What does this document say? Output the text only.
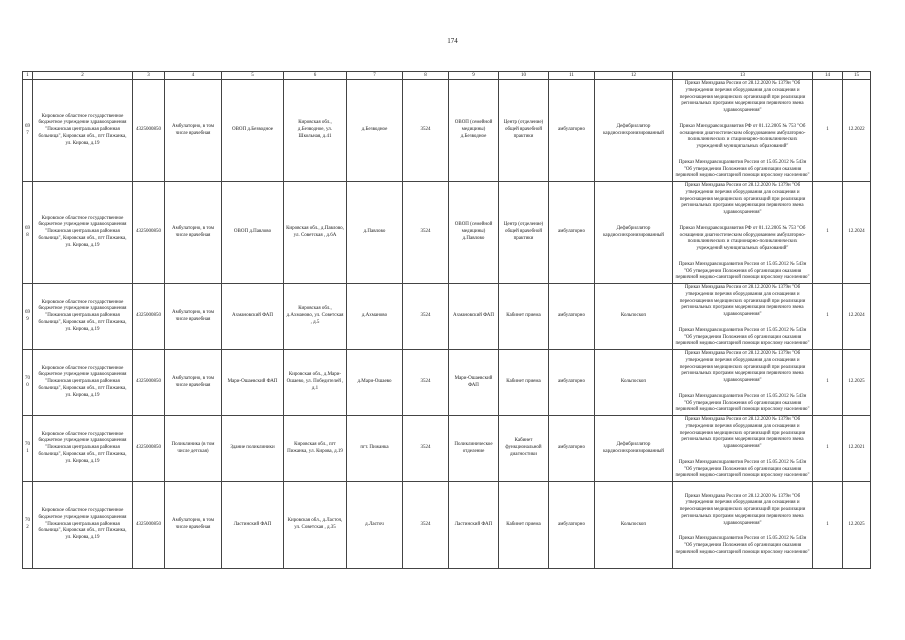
174
1	2	3	4	5	6	7	8	9	10	11	12	13	14	15
697	Кировское областное государственное бюджетное учреждение здравоохранения "Пижанская центральная районная больница", Кировская обл., пгт Пижанка, ул. Кирова, д.19	4325000850	Амбулаторно, в том числе врачебная	ОВОП д.Безводное	Кировская обл., д.Безводное, ул. Школьная, д.41	д.Безводное	3524	ОВОП (семейной медицины) д.Безводное	Центр (отделение) общей врачебной практики	амбулаторно	Дефибриллятор кардиосинхронизированный	Приказ Минздрава России от 28.12.2020 № 1379н "Об утверждении перечня оборудования для оснащения и переоснащения медицинских организаций при реализации региональных программ модернизации первичного звена здравоохранения"
Приказ Минздравсоцразвития РФ от 01.12.2005 № 753 "Об оснащении диагностическим оборудованием амбулаторно-поликлинических и стационарно-поликлинических учреждений муниципальных образований"
Приказ Минздравсоцразвития России от 15.05.2012 № 543н "Об утверждении Положения об организации оказания первичной медико-санитарной помощи взрослому населению"	1	12.2022
698	Кировское областное государственное бюджетное учреждение здравоохранения "Пижанская центральная районная больница", Кировская обл., пгт Пижанка, ул. Кирова, д.19	4325000850	Амбулаторно, в том числе врачебная	ОВОП д.Павлово	Кировская обл., д.Павлово, ул. Советская , д.6А	д.Павлово	3524	ОВОП (семейной медицины) д.Павлово	Центр (отделение) общей врачебной практики	амбулаторно	Дефибриллятор кардиосинхронизированный	Приказ Минздрава России от 28.12.2020 № 1379н "Об утверждении перечня оборудования для оснащения и переоснащения медицинских организаций при реализации региональных программ модернизации первичного звена здравоохранения"
Приказ Минздравсоцразвития РФ от 01.12.2005 № 753 "Об оснащении диагностическим оборудованием амбулаторно-поликлинических и стационарно-поликлинических учреждений муниципальных образований"
Приказ Минздравсоцразвития России от 15.05.2012 № 543н "Об утверждении Положения об организации оказания первичной медико-санитарной помощи взрослому населению"	1	12.2024
699	Кировское областное государственное бюджетное учреждение здравоохранения "Пижанская центральная районная больница", Кировская обл., пгт Пижанка, ул. Кирова, д.19	4325000850	Амбулаторно, в том числе врачебная	Ахмановский ФАП	Кировская обл., д.Ахманово, ул. Советская , д.5	д.Ахманово	3524	Ахмановский ФАП	Кабинет приема	амбулаторно	Кольпоскоп	Приказ Минздрава России от 28.12.2020 № 1379н "Об утверждении перечня оборудования для оснащения и переоснащения медицинских организаций при реализации региональных программ модернизации первичного звена здравоохранения"
Приказ Минздравсоцразвития России от 15.05.2012 № 543н "Об утверждении Положения об организации оказания первичной медико-санитарной помощи взрослому населению"	1	12.2024
700	Кировское областное государственное бюджетное учреждение здравоохранения "Пижанская центральная районная больница", Кировская обл., пгт Пижанка, ул. Кирова, д.19	4325000850	Амбулаторно, в том числе врачебная	Мари-Ошаевский ФАП	Кировская обл., д.Мари-Ошаево, ул. Победителей , д.1	д.Мари-Ошаево	3524	Мари-Ошаевский ФАП	Кабинет приема	амбулаторно	Кольпоскоп	Приказ Минздрава России от 28.12.2020 № 1379н "Об утверждении перечня оборудования для оснащения и переоснащения медицинских организаций при реализации региональных программ модернизации первичного звена здравоохранения"
Приказ Минздравсоцразвития России от 15.05.2012 № 543н "Об утверждении Положения об организации оказания первичной медико-санитарной помощи взрослому населению"	1	12.2025
701	Кировское областное государственное бюджетное учреждение здравоохранения "Пижанская центральная районная больница", Кировская обл., пгт Пижанка, ул. Кирова, д.19	4325000850	Поликлиника (в том числе детская)	Здание поликлиники	Кировская обл., пгт Пижанка, ул. Кирова, д.19	пгт. Пижанка	3524	Поликлиническое отделение	Кабинет функциональной диагностики	амбулаторно	Дефибриллятор кардиосинхронизированный	Приказ Минздрава России от 28.12.2020 № 1379н "Об утверждении перечня оборудования для оснащения и переоснащения медицинских организаций при реализации региональных программ модернизации первичного звена здравоохранения"
Приказ Минздравсоцразвития России от 15.05.2012 № 543н "Об утверждении Положения об организации оказания первичной медико-санитарной помощи взрослому населению"	1	12.2021
702	Кировское областное государственное бюджетное учреждение здравоохранения "Пижанская центральная районная больница", Кировская обл., пгт Пижанка, ул. Кирова, д.19	4325000850	Амбулаторно, в том числе врачебная	Ластинский ФАП	Кировская обл., д.Ласточ, ул. Советская , д.35	д.Ласточ	3524	Ластинский ФАП	Кабинет приема	амбулаторно	Кольпоскоп	Приказ Минздрава России от 28.12.2020 № 1379н "Об утверждении перечня оборудования для оснащения и переоснащения медицинских организаций при реализации региональных программ модернизации первичного звена здравоохранения"
Приказ Минздравсоцразвития России от 15.05.2012 № 543н "Об утверждении Положения об организации оказания первичной медико-санитарной помощи взрослому населению"	1	12.2025
